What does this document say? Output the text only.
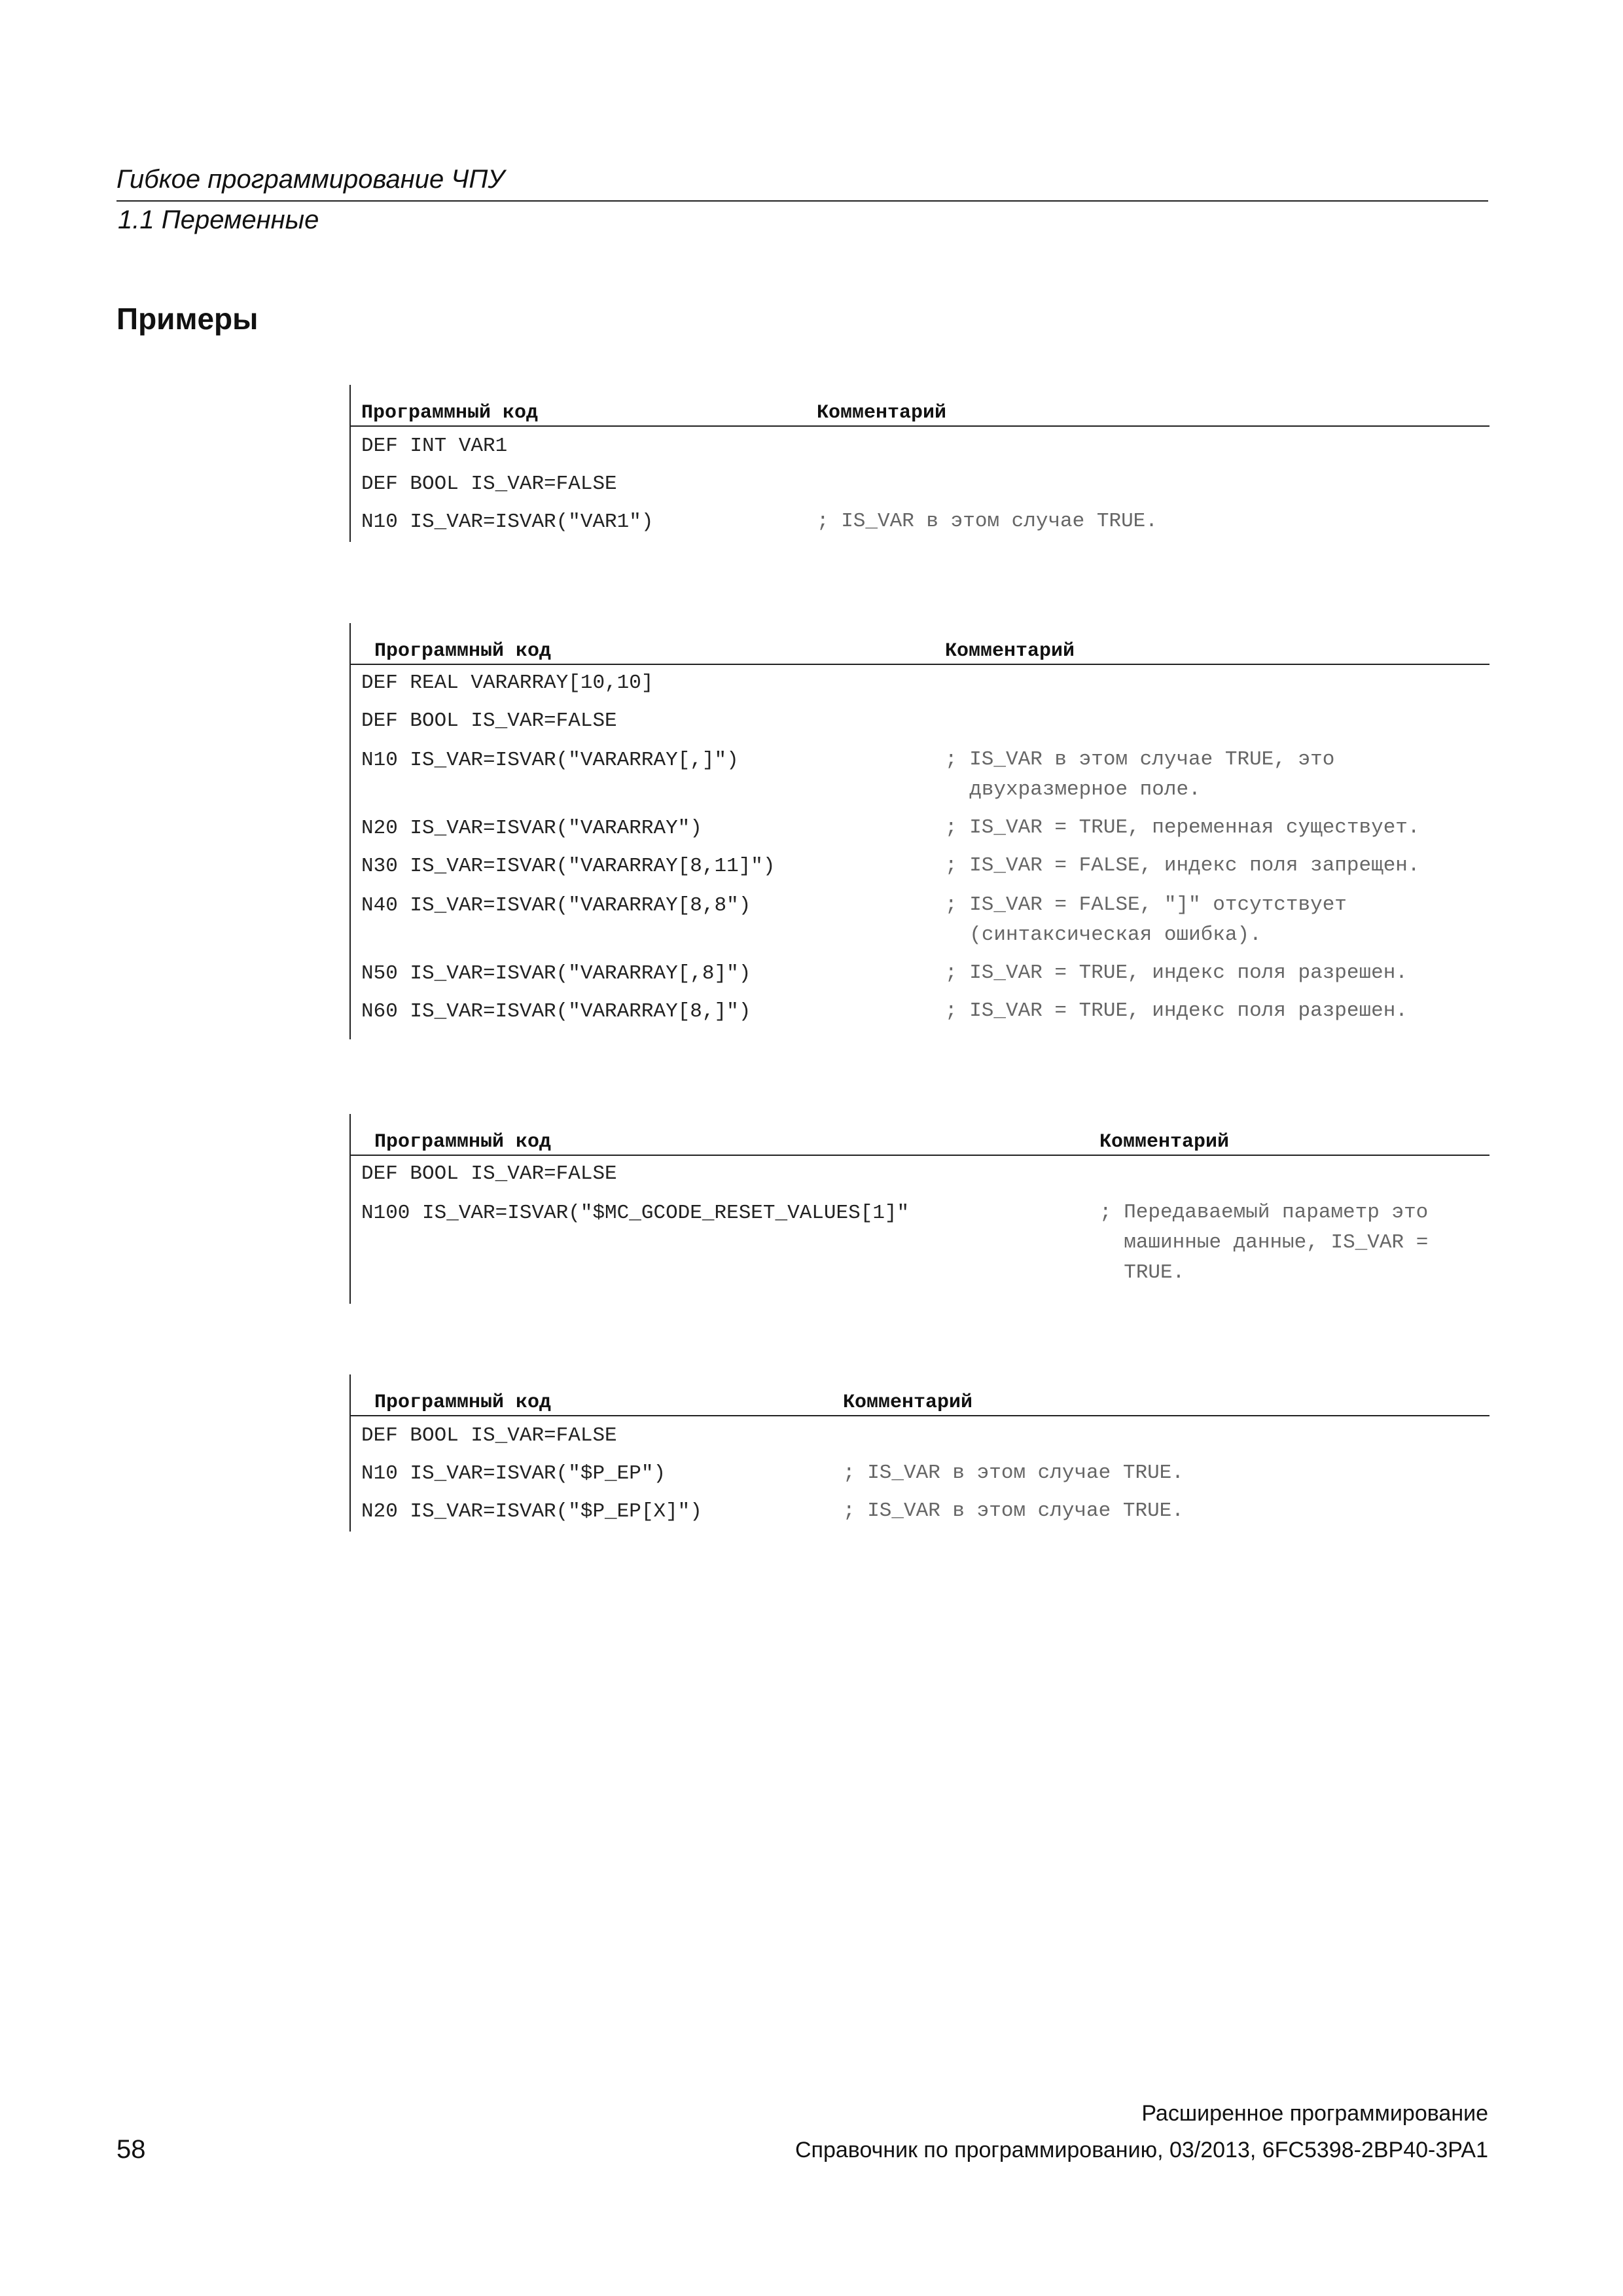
Гибкое программирование ЧПУ
1.1 Переменные
Примеры
Программный код	Комментарий
DEF INT VAR1
DEF BOOL IS_VAR=FALSE
N10 IS_VAR=ISVAR("VAR1")	; IS_VAR в этом случае TRUE.
Программный код	Комментарий
DEF REAL VARARRAY[10,10]
DEF BOOL IS_VAR=FALSE
N10 IS_VAR=ISVAR("VARARRAY[,]")	; IS_VAR в этом случае TRUE, это
двухразмерное поле.
N20 IS_VAR=ISVAR("VARARRAY")	; IS_VAR = TRUE, переменная существует.
N30 IS_VAR=ISVAR("VARARRAY[8,11]")	; IS_VAR = FALSE, индекс поля запрещен.
N40 IS_VAR=ISVAR("VARARRAY[8,8")	; IS_VAR = FALSE, "]" отсутствует
(синтаксическая ошибка).
N50 IS_VAR=ISVAR("VARARRAY[,8]")	; IS_VAR = TRUE, индекс поля разрешен.
N60 IS_VAR=ISVAR("VARARRAY[8,]")	; IS_VAR = TRUE, индекс поля разрешен.
Программный код	Комментарий
DEF BOOL IS_VAR=FALSE
N100 IS_VAR=ISVAR("$MC_GCODE_RESET_VALUES[1]"	; Передаваемый параметр это
машинные данные, IS_VAR =
TRUE.
Программный код	Комментарий
DEF BOOL IS_VAR=FALSE
N10 IS_VAR=ISVAR("$P_EP")	; IS_VAR в этом случае TRUE.
N20 IS_VAR=ISVAR("$P_EP[X]")	; IS_VAR в этом случае TRUE.
Расширенное программирование
Справочник по программированию, 03/2013, 6FC5398-2BP40-3PA1
58
